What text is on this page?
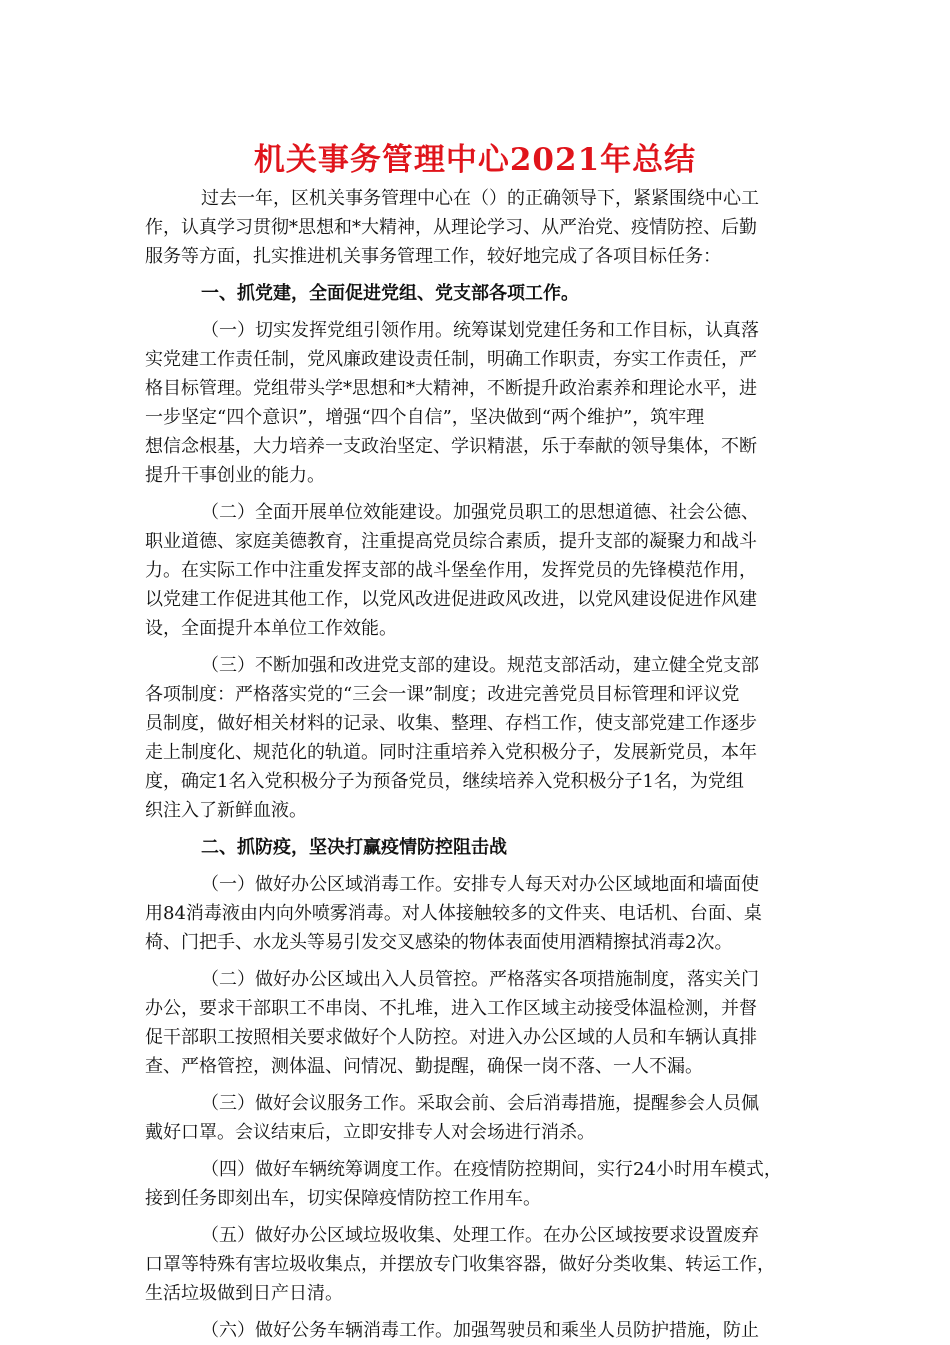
机关事务管理中心2021年总结
过去一年，区机关事务管理中心在（）的正确领导下，紧紧围绕中心工
作，认真学习贯彻*思想和*大精神，从理论学习、从严治党、疫情防控、后勤
服务等方面，扎实推进机关事务管理工作，较好地完成了各项目标任务：
一、抓党建，全面促进党组、党支部各项工作。
（一）切实发挥党组引领作用。统筹谋划党建任务和工作目标，认真落
实党建工作责任制，党风廉政建设责任制，明确工作职责，夯实工作责任，严
格目标管理。党组带头学*思想和*大精神，不断提升政治素养和理论水平，进
一步坚定“四个意识”，增强“四个自信”，坚决做到“两个维护”，筑牢理
想信念根基，大力培养一支政治坚定、学识精湛，乐于奉献的领导集体，不断
提升干事创业的能力。
（二）全面开展单位效能建设。加强党员职工的思想道德、社会公德、
职业道德、家庭美德教育，注重提高党员综合素质，提升支部的凝聚力和战斗
力。在实际工作中注重发挥支部的战斗堡垒作用，发挥党员的先锋模范作用，
以党建工作促进其他工作，以党风改进促进政风改进，以党风建设促进作风建
设，全面提升本单位工作效能。
（三）不断加强和改进党支部的建设。规范支部活动，建立健全党支部
各项制度：严格落实党的“三会一课”制度；改进完善党员目标管理和评议党
员制度，做好相关材料的记录、收集、整理、存档工作，使支部党建工作逐步
走上制度化、规范化的轨道。同时注重培养入党积极分子，发展新党员，本年
度，确定1名入党积极分子为预备党员，继续培养入党积极分子1名，为党组
织注入了新鲜血液。
二、抓防疫，坚决打赢疫情防控阻击战
（一）做好办公区域消毒工作。安排专人每天对办公区域地面和墙面使
用84消毒液由内向外喷雾消毒。对人体接触较多的文件夹、电话机、台面、桌
椅、门把手、水龙头等易引发交叉感染的物体表面使用酒精擦拭消毒2次。
（二）做好办公区域出入人员管控。严格落实各项措施制度，落实关门
办公，要求干部职工不串岗、不扎堆，进入工作区域主动接受体温检测，并督
促干部职工按照相关要求做好个人防控。对进入办公区域的人员和车辆认真排
查、严格管控，测体温、问情况、勤提醒，确保一岗不落、一人不漏。
（三）做好会议服务工作。采取会前、会后消毒措施，提醒参会人员佩
戴好口罩。会议结束后，立即安排专人对会场进行消杀。
（四）做好车辆统筹调度工作。在疫情防控期间，实行24小时用车模式，
接到任务即刻出车，切实保障疫情防控工作用车。
（五）做好办公区域垃圾收集、处理工作。在办公区域按要求设置废弃
口罩等特殊有害垃圾收集点，并摆放专门收集容器，做好分类收集、转运工作，
生活垃圾做到日产日清。
（六）做好公务车辆消毒工作。加强驾驶员和乘坐人员防护措施，防止
